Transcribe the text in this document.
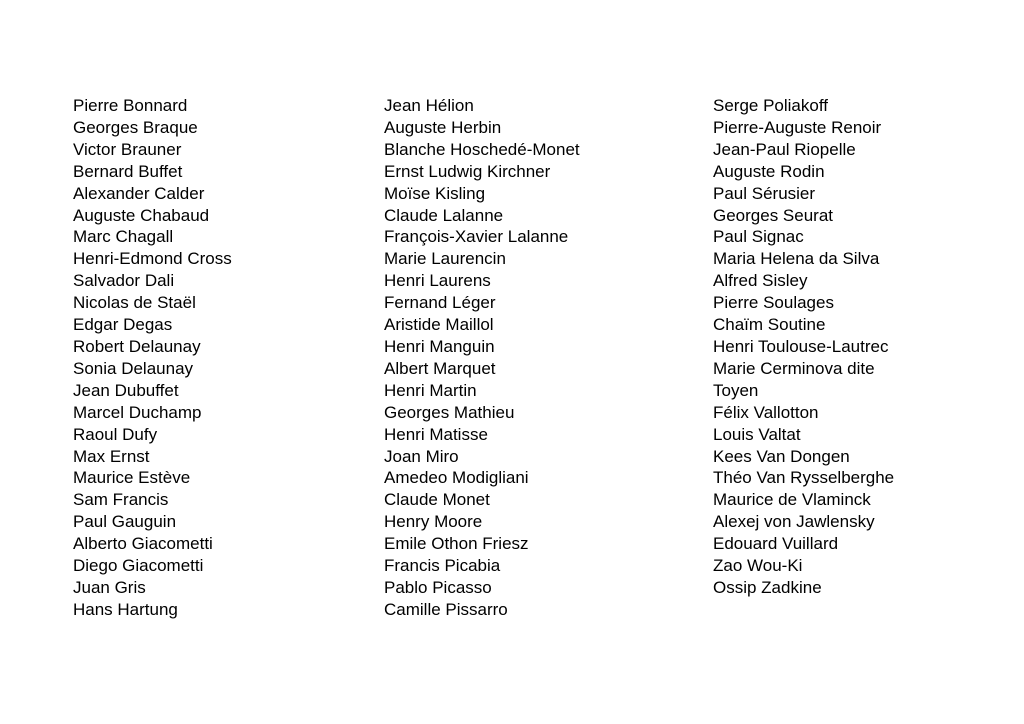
Pierre Bonnard
Georges Braque
Victor Brauner
Bernard Buffet
Alexander Calder
Auguste Chabaud
Marc Chagall
Henri-Edmond Cross
Salvador Dali
Nicolas de Staël
Edgar Degas
Robert Delaunay
Sonia Delaunay
Jean Dubuffet
Marcel Duchamp
Raoul Dufy
Max Ernst
Maurice Estève
Sam Francis
Paul Gauguin
Alberto Giacometti
Diego Giacometti
Juan Gris
Hans Hartung
Jean Hélion
Auguste Herbin
Blanche Hoschedé-Monet
Ernst Ludwig Kirchner
Moïse Kisling
Claude Lalanne
François-Xavier Lalanne
Marie Laurencin
Henri Laurens
Fernand Léger
Aristide Maillol
Henri Manguin
Albert Marquet
Henri Martin
Georges Mathieu
Henri Matisse
Joan Miro
Amedeo Modigliani
Claude Monet
Henry Moore
Emile Othon Friesz
Francis Picabia
Pablo Picasso
Camille Pissarro
Serge Poliakoff
Pierre-Auguste Renoir
Jean-Paul Riopelle
Auguste Rodin
Paul Sérusier
Georges Seurat
Paul Signac
Maria Helena da Silva
Alfred Sisley
Pierre Soulages
Chaïm Soutine
Henri Toulouse-Lautrec
Marie Cerminova dite
Toyen
Félix Vallotton
Louis Valtat
Kees Van Dongen
Théo Van Rysselberghe
Maurice de Vlaminck
Alexej von Jawlensky
Edouard Vuillard
Zao Wou-Ki
Ossip Zadkine
